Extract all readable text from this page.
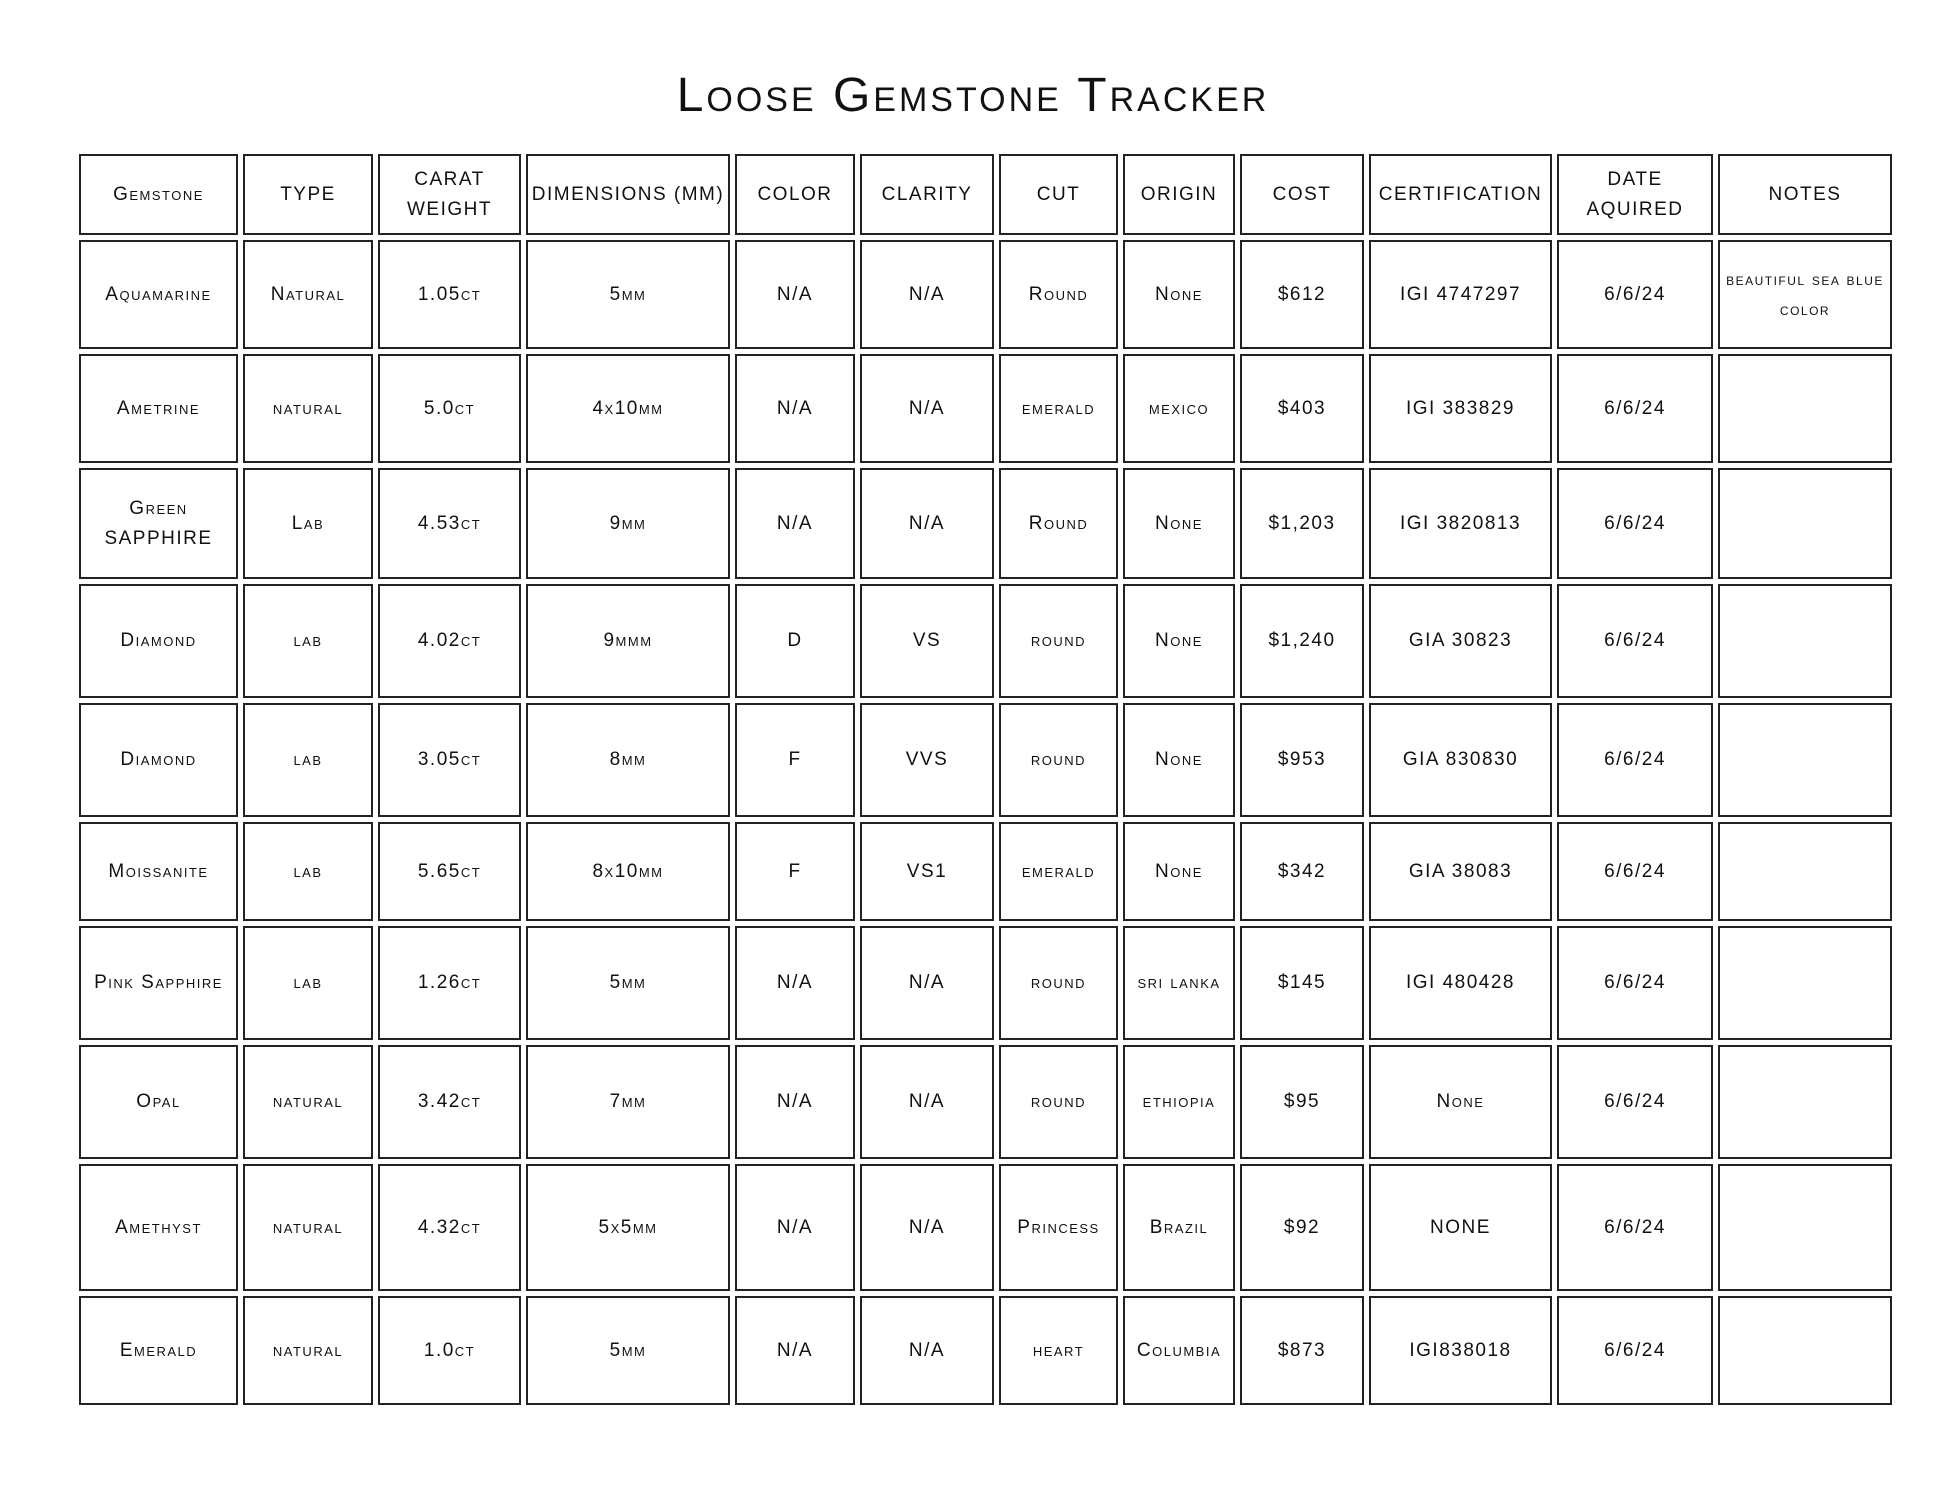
Loose Gemstone Tracker
Gemstone	TYPE	CARAT WEIGHT	DIMENSIONS (MM)	COLOR	CLARITY	CUT	ORIGIN	COST	CERTIFICATION	DATE AQUIRED	NOTES
Aquamarine	Natural	1.05ct	5mm	N/A	N/A	Round	None	$612	IGI 4747297	6/6/24	beautiful sea blue color
Ametrine	natural	5.0ct	4x10mm	N/A	N/A	emerald	mexico	$403	IGI 383829	6/6/24	
Green SAPPHIRE	Lab	4.53ct	9mm	N/A	N/A	Round	None	$1,203	IGI 3820813	6/6/24	
Diamond	lab	4.02ct	9mmm	D	VS	round	None	$1,240	GIA 30823	6/6/24	
Diamond	lab	3.05ct	8mm	F	VVS	round	None	$953	GIA 830830	6/6/24	
Moissanite	lab	5.65ct	8x10mm	F	VS1	emerald	None	$342	GIA 38083	6/6/24	
Pink Sapphire	lab	1.26ct	5mm	N/A	N/A	round	sri lanka	$145	IGI 480428	6/6/24	
Opal	natural	3.42ct	7mm	N/A	N/A	round	ethiopia	$95	None	6/6/24	
Amethyst	natural	4.32ct	5x5mm	N/A	N/A	Princess	Brazil	$92	NONE	6/6/24	
Emerald	natural	1.0ct	5mm	N/A	N/A	heart	Columbia	$873	IGI838018	6/6/24	
